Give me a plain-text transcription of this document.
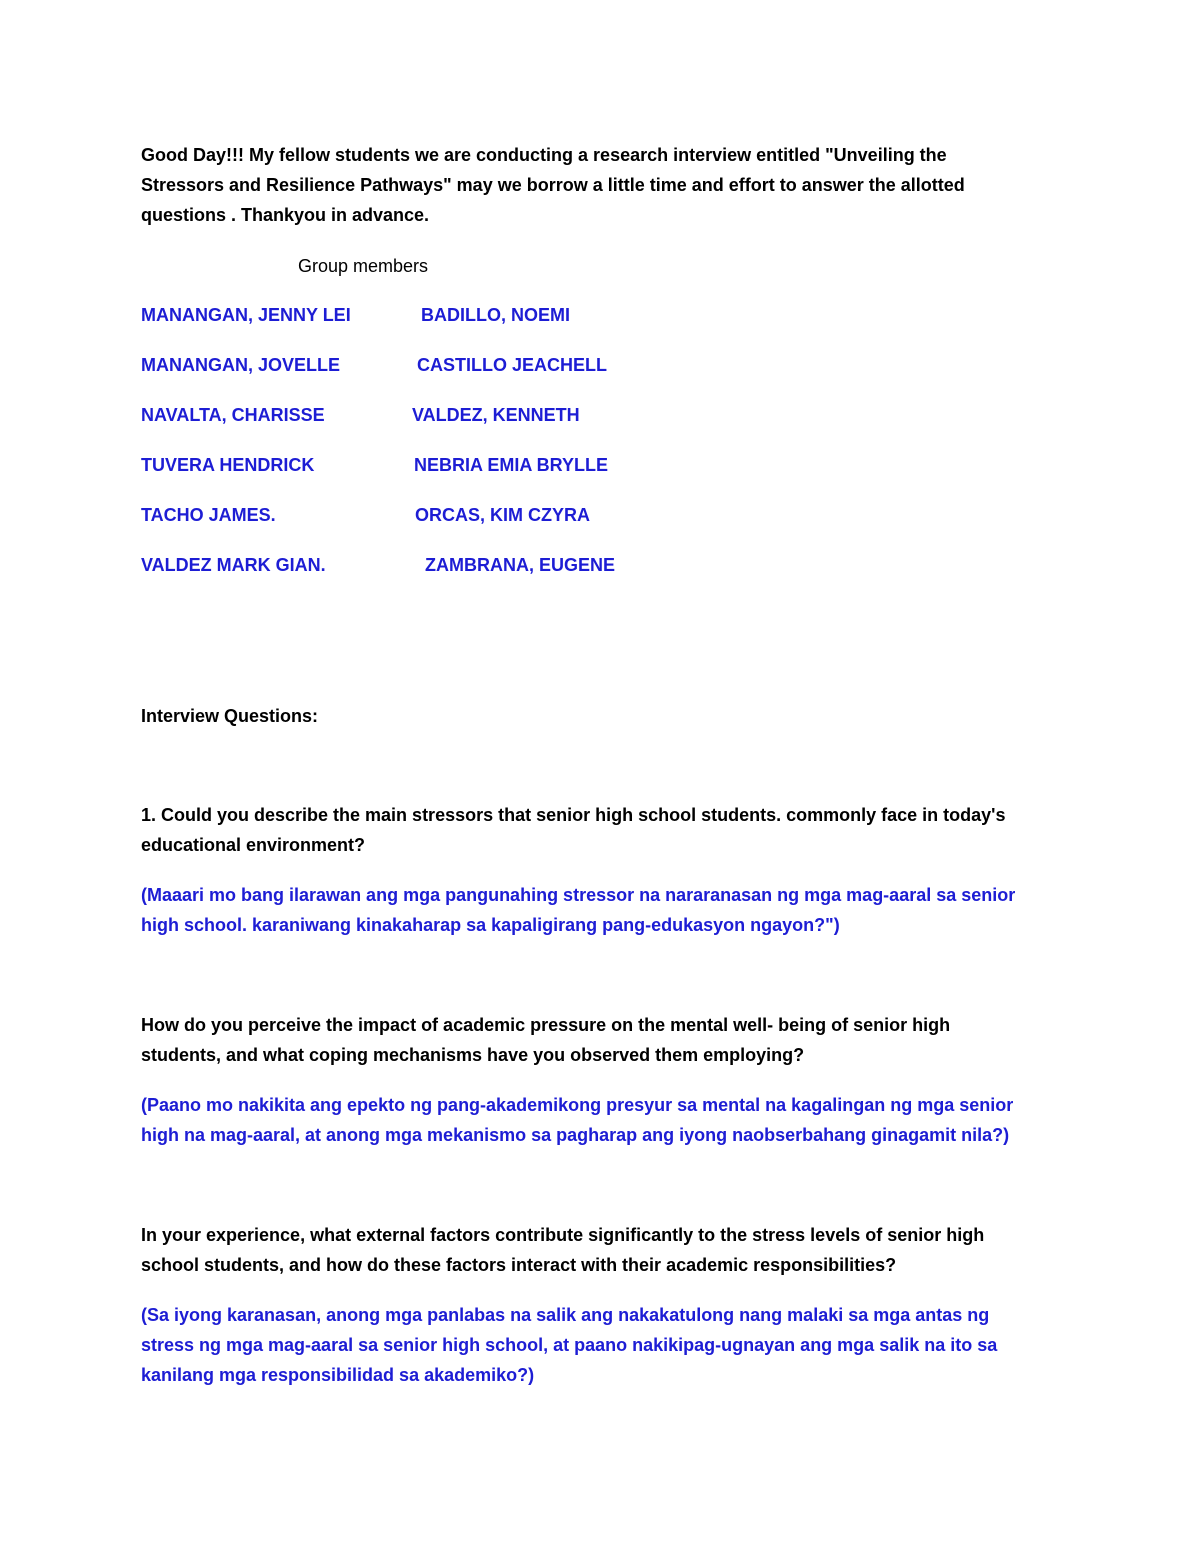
Good Day!!! My fellow students we are conducting a research interview entitled "Unveiling the
Stressors and Resilience Pathways" may we borrow a little time and effort to answer the allotted
questions . Thankyou in advance.
Group members
MANANGAN, JENNY LEI
MANANGAN, JOVELLE
NAVALTA, CHARISSE
TUVERA HENDRICK
TACHO JAMES.
VALDEZ MARK GIAN.
BADILLO, NOEMI
CASTILLO JEACHELL
VALDEZ, KENNETH
NEBRIA EMIA BRYLLE
ORCAS, KIM CZYRA
ZAMBRANA, EUGENE
Interview Questions:
1. Could you describe the main stressors that senior high school students. commonly face in today's
educational environment?
(Maaari mo bang ilarawan ang mga pangunahing stressor na nararanasan ng mga mag-aaral sa senior
high school. karaniwang kinakaharap sa kapaligirang pang-edukasyon ngayon?")
How do you perceive the impact of academic pressure on the mental well- being of senior high
students, and what coping mechanisms have you observed them employing?
(Paano mo nakikita ang epekto ng pang-akademikong presyur sa mental na kagalingan ng mga senior
high na mag-aaral, at anong mga mekanismo sa pagharap ang iyong naobserbahang ginagamit nila?)
In your experience, what external factors contribute significantly to the stress levels of senior high
school students, and how do these factors interact with their academic responsibilities?
(Sa iyong karanasan, anong mga panlabas na salik ang nakakatulong nang malaki sa mga antas ng
stress ng mga mag-aaral sa senior high school, at paano nakikipag-ugnayan ang mga salik na ito sa
kanilang mga responsibilidad sa akademiko?)
